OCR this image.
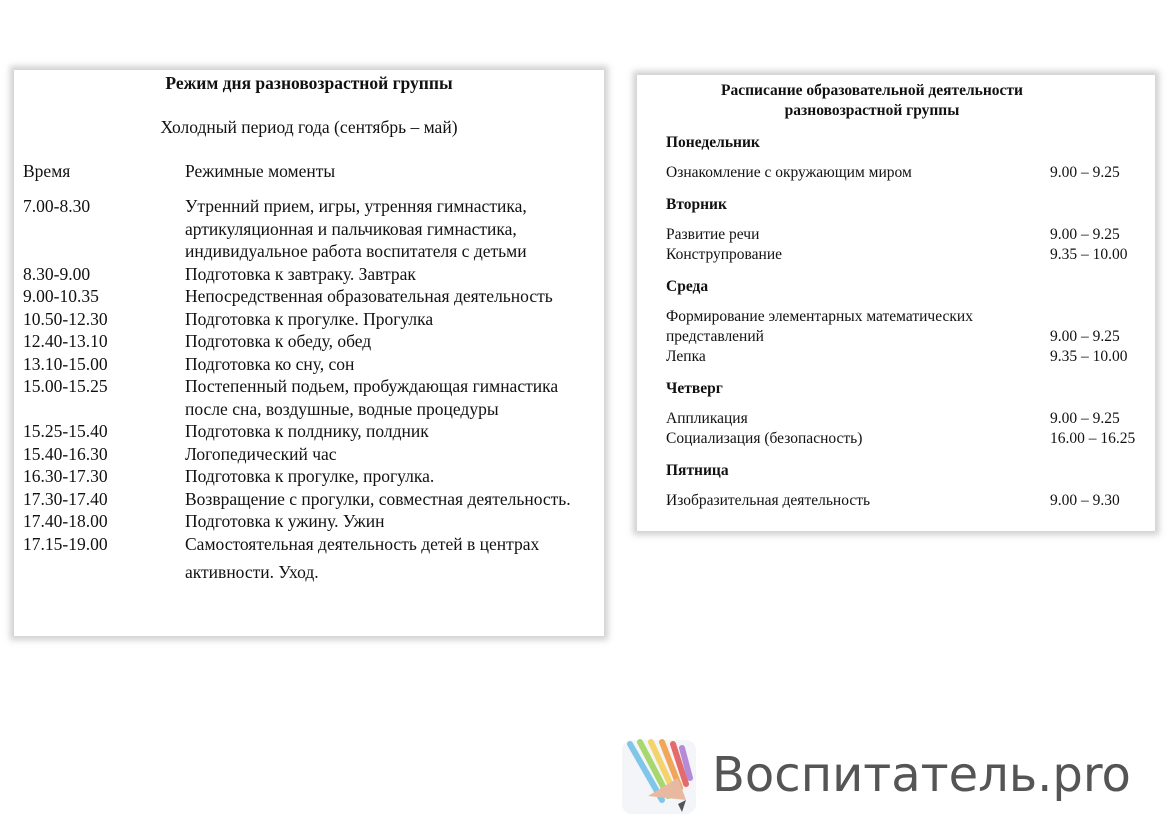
Режим дня разновозрастной группы
Холодный период года (сентябрь – май)
Время	Режимные моменты
7.00-8.30	Утренний прием, игры, утренняя гимнастика, артикуляционная и пальчиковая гимнастика, индивидуальное работа воспитателя с детьми
8.30-9.00	Подготовка к завтраку. Завтрак
9.00-10.35	Непосредственная образовательная деятельность
10.50-12.30	Подготовка к прогулке. Прогулка
12.40-13.10	Подготовка к обеду, обед
13.10-15.00	Подготовка ко сну, сон
15.00-15.25	Постепенный подьем, пробуждающая гимнастика после сна, воздушные, водные процедуры
15.25-15.40	Подготовка к полднику, полдник
15.40-16.30	Логопедический час
16.30-17.30	Подготовка к прогулке, прогулка.
17.30-17.40	Возвращение с прогулки, совместная деятельность.
17.40-18.00	Подготовка к ужину. Ужин
17.15-19.00	Самостоятельная деятельность детей в центрах активности. Уход.
Расписание образовательной деятельности
разновозрастной группы
Понедельник
Ознакомление с окружающим миром	9.00 – 9.25
Вторник
Развитие речи	9.00 – 9.25
Конструпрование	9.35 – 10.00
Среда
Формирование элементарных математических представлений	9.00 – 9.25
Лепка	9.35 – 10.00
Четверг
Аппликация	9.00 – 9.25
Социализация (безопасность)	16.00 – 16.25
Пятница
Изобразительная деятельность	9.00 – 9.30
Воспитатель.pro
